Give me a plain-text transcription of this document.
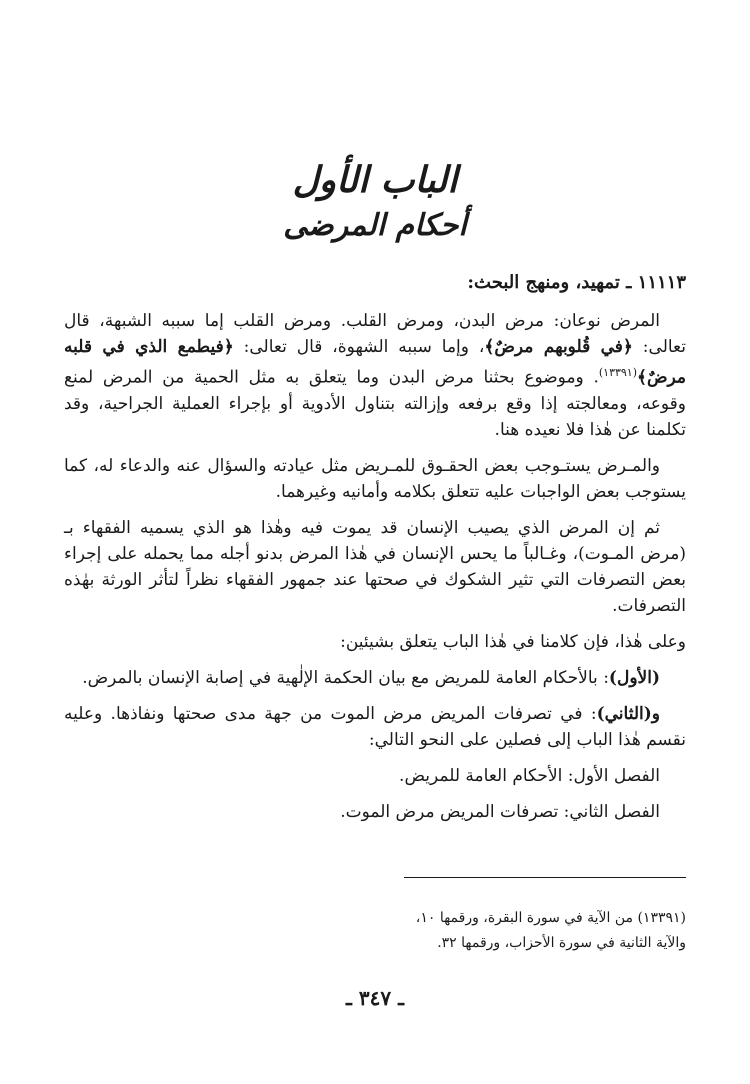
الباب الأول
أحكام المرضى
١١١١٣ ـ تمهيد، ومنهج البحث:

المرض نوعان: مرض البدن، ومرض القلب. ومرض القلب إما سببه الشبهة، قال تعالى: ﴿في قُلوبهم مرضٌ﴾، وإما سببه الشهوة، قال تعالى: ﴿فيطمع الذي في قلبه مرضٌ﴾$^{(١٣٣٩١)}$. وموضوع بحثنا مرض البدن وما يتعلق به مثل الحمية من المرض لمنع وقوعه، ومعالجته إذا وقع برفعه وإزالته بتناول الأدوية أو بإجراء العملية الجراحية، وقد تكلمنا عن هٰذا فلا نعيده هنا.

والمـرض يستـوجب بعض الحقـوق للمـريض مثل عيادته والسؤال عنه والدعاء له، كما يستوجب بعض الواجبات عليه تتعلق بكلامه وأمانيه وغيرهما.

ثم إن المرض الذي يصيب الإنسان قد يموت فيه وهٰذا هو الذي يسميه الفقهاء بـ (مرض المـوت)، وغـالباً ما يحس الإنسان في هٰذا المرض بدنو أجله مما يحمله على إجراء بعض التصرفات التي تثير الشكوك في صحتها عند جمهور الفقهاء نظراً لتأثر الورثة بهٰذه التصرفات.

وعلى هٰذا، فإن كلامنا في هٰذا الباب يتعلق بشيئين:

(الأول): بالأحكام العامة للمريض مع بيان الحكمة الإلٰهية في إصابة الإنسان بالمرض.

و(الثاني): في تصرفات المريض مرض الموت من جهة مدى صحتها ونفاذها. وعليه نقسم هٰذا الباب إلى فصلين على النحو التالي:

الفصل الأول: الأحكام العامة للمريض.

الفصل الثاني: تصرفات المريض مرض الموت.

(١٣٣٩١) من الآية في سورة البقرة، ورقمها ١٠،
والآية الثانية في سورة الأحزاب، ورقمها ٣٢.
ـ ٣٤٧ ـ
